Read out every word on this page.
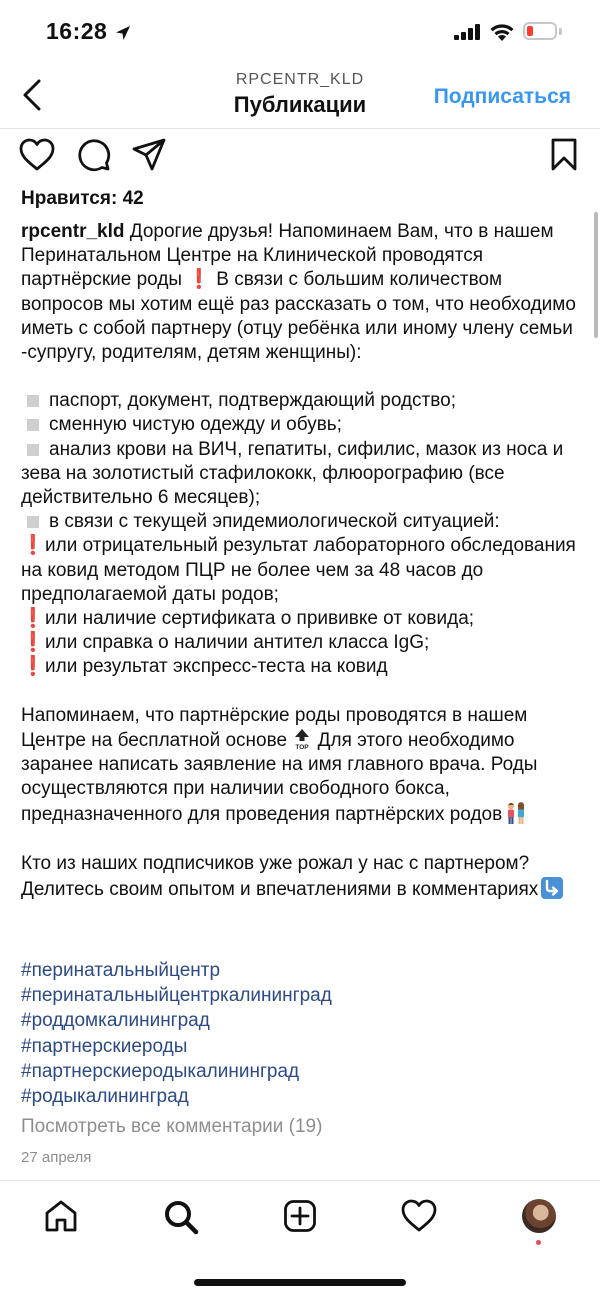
16:28
RPCENTR_KLD
Публикации	Подписаться
Нравится: 42

rpcentr_kld Дорогие друзья! Напоминаем Вам, что в нашем Перинатальном Центре на Клинической проводятся партнёрские роды ❗ В связи с большим количеством вопросов мы хотим ещё раз рассказать о том, что необходимо иметь с собой партнеру (отцу ребёнка или иному члену семьи -супругу, родителям, детям женщины):

паспорт, документ, подтверждающий родство;

сменную чистую одежду и обувь;

анализ крови на ВИЧ, гепатиты, сифилис, мазок из носа и зева на золотистый стафилококк, флюорографию (все действительно 6 месяцев);

в связи с текущей эпидемиологической ситуацией:

❗или отрицательный результат лабораторного обследования на ковид методом ПЦР не более чем за 48 часов до предполагаемой даты родов;

❗или наличие сертификата о прививке от ковида;

❗или справка о наличии антител класса IgG;

❗или результат экспресс-теста на ковид

Напоминаем, что партнёрские роды проводятся в нашем Центре на бесплатной основе TOP Для этого необходимо заранее написать заявление на имя главного врача. Роды осуществляются при наличии свободного бокса, предназначенного для проведения партнёрских родов

Кто из наших подписчиков уже рожал у нас с партнером? Делитесь своим опытом и впечатлениями в комментариях

#перинатальныйцентр
#перинатальныйцентркалининград
#роддомкалининград
#партнерскиероды
#партнерскиеродыкалининград
#родыкалининград
Посмотреть все комментарии (19)
27 апреля
